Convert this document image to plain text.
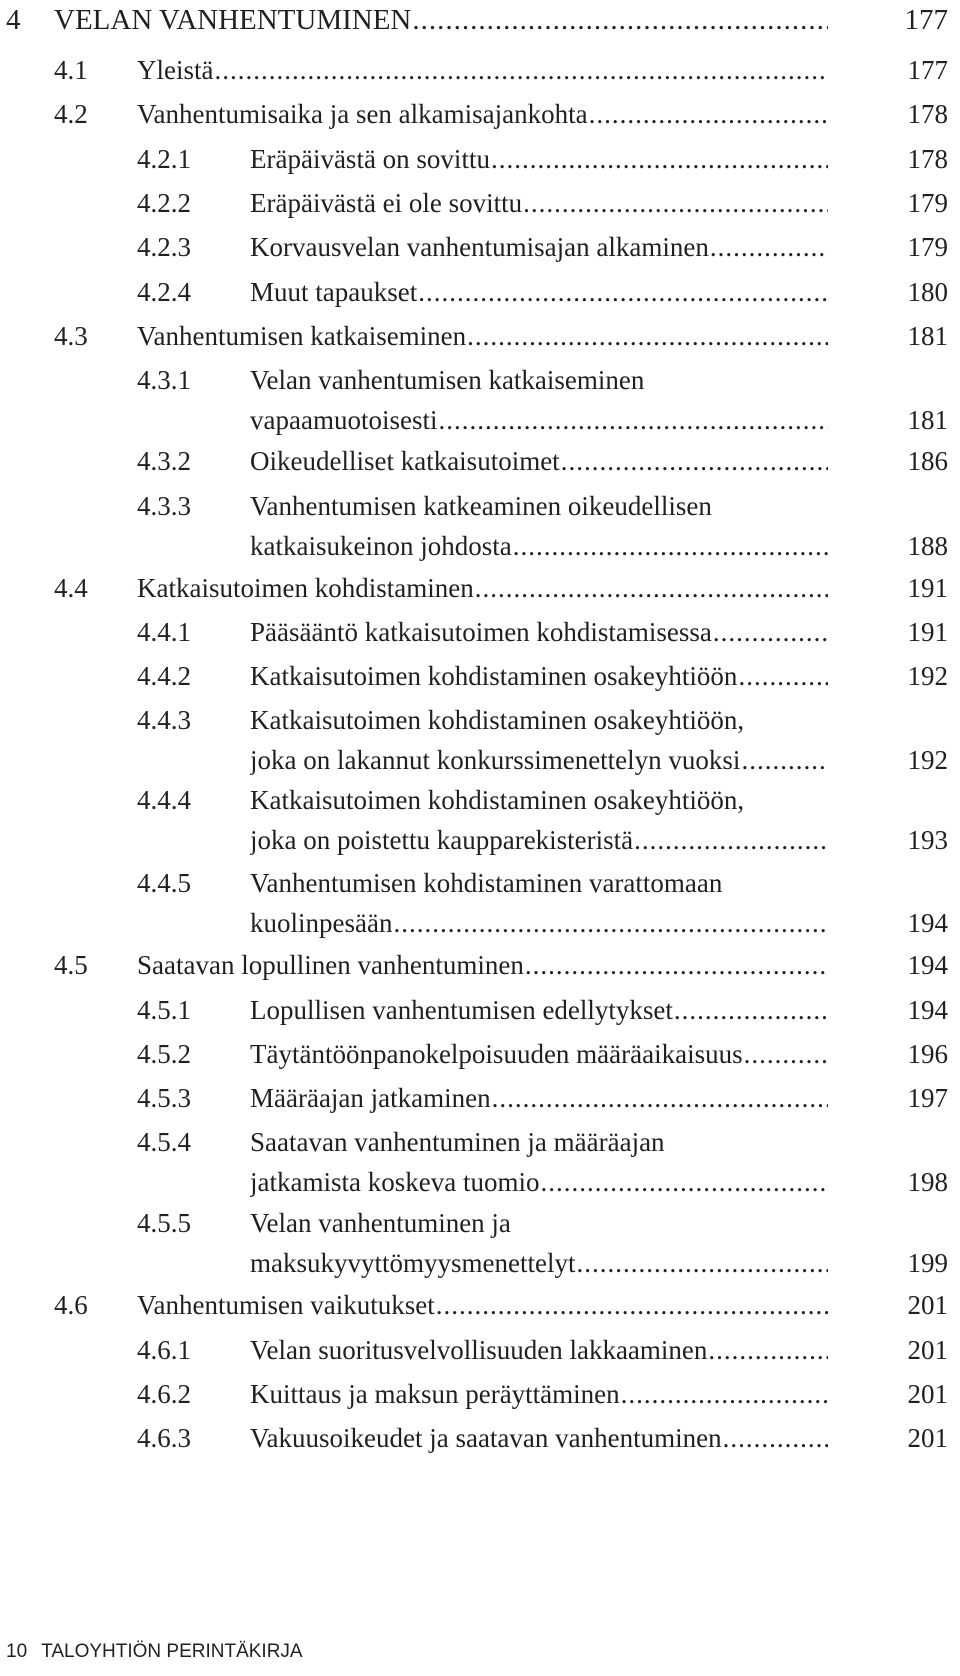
4 VELAN VANHENTUMINEN .....	177
4.1 Yleistä .....	177
4.2 Vanhentumisaika ja sen alkamisajankohta .....	178
4.2.1 Eräpäivästä on sovittu .....	178
4.2.2 Eräpäivästä ei ole sovittu .....	179
4.2.3 Korvausvelan vanhentumisajan alkaminen .....	179
4.2.4 Muut tapaukset .....	180
4.3 Vanhentumisen katkaiseminen .....	181
4.3.1 Velan vanhentumisen katkaiseminen
vapaamuotoisesti .....	181
4.3.2 Oikeudelliset katkaisutoimet .....	186
4.3.3 Vanhentumisen katkeaminen oikeudellisen
katkaisukeinon johdosta .....	188
4.4 Katkaisutoimen kohdistaminen .....	191
4.4.1 Pääsääntö katkaisutoimen kohdistamisessa .....	191
4.4.2 Katkaisutoimen kohdistaminen osakeyhtiöön .....	192
4.4.3 Katkaisutoimen kohdistaminen osakeyhtiöön,
joka on lakannut konkurssimenettelyn vuoksi .....	192
4.4.4 Katkaisutoimen kohdistaminen osakeyhtiöön,
joka on poistettu kaupparekisteristä .....	193
4.4.5 Vanhentumisen kohdistaminen varattomaan
kuolinpesään .....	194
4.5 Saatavan lopullinen vanhentuminen .....	194
4.5.1 Lopullisen vanhentumisen edellytykset .....	194
4.5.2 Täytäntöönpanokelpoisuuden määräaikaisuus .....	196
4.5.3 Määräajan jatkaminen .....	197
4.5.4 Saatavan vanhentuminen ja määräajan
jatkamista koskeva tuomio .....	198
4.5.5 Velan vanhentuminen ja
maksukyvyttömyysmenettelyt .....	199
4.6 Vanhentumisen vaikutukset .....	201
4.6.1 Velan suoritusvelvollisuuden lakkaaminen .....	201
4.6.2 Kuittaus ja maksun peräyttäminen .....	201
4.6.3 Vakuusoikeudet ja saatavan vanhentuminen .....	201
10 TALOYHTIÖN PERINTÄKIRJA
